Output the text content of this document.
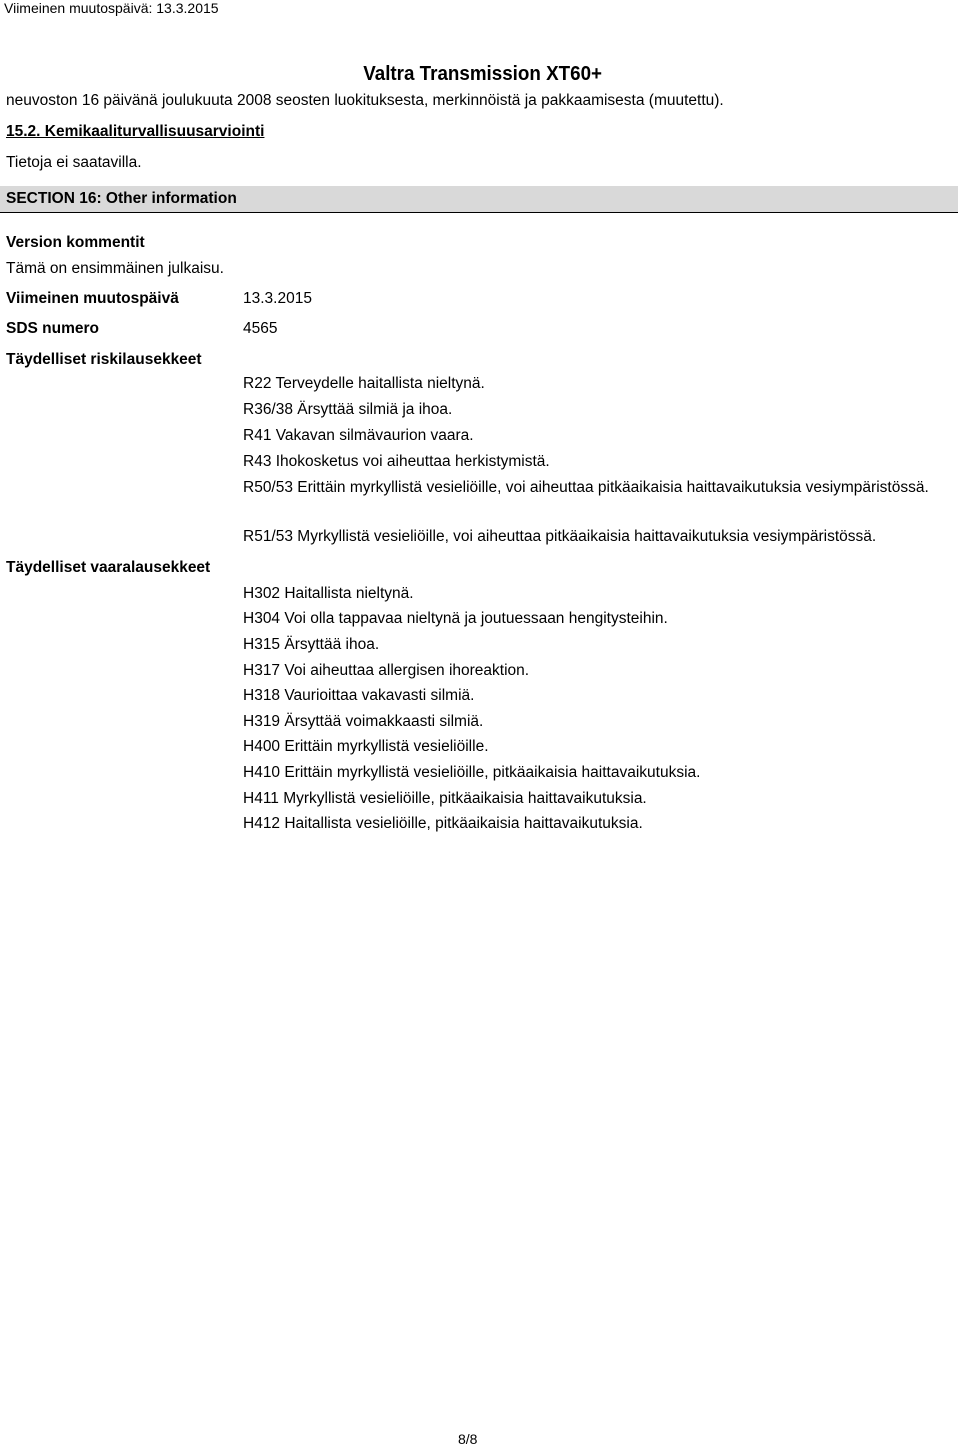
Viimeinen muutospäivä: 13.3.2015
Valtra Transmission XT60+
neuvoston 16 päivänä joulukuuta 2008 seosten luokituksesta, merkinnöistä ja pakkaamisesta (muutettu).
15.2. Kemikaaliturvallisuusarviointi
Tietoja ei saatavilla.
SECTION 16: Other information
Version kommentit
Tämä on ensimmäinen julkaisu.
Viimeinen muutospäivä	13.3.2015
SDS numero	4565
Täydelliset riskilausekkeet
R22 Terveydelle haitallista nieltynä.
R36/38 Ärsyttää silmiä ja ihoa.
R41 Vakavan silmävaurion vaara.
R43 Ihokosketus voi aiheuttaa herkistymistä.
R50/53 Erittäin myrkyllistä vesieliöille, voi aiheuttaa pitkäaikaisia haittavaikutuksia vesiympäristössä.
R51/53 Myrkyllistä vesieliöille, voi aiheuttaa pitkäaikaisia haittavaikutuksia vesiympäristössä.
Täydelliset vaaralausekkeet
H302 Haitallista nieltynä.
H304 Voi olla tappavaa nieltynä ja joutuessaan hengitysteihin.
H315 Ärsyttää ihoa.
H317 Voi aiheuttaa allergisen ihoreaktion.
H318 Vaurioittaa vakavasti silmiä.
H319 Ärsyttää voimakkaasti silmiä.
H400 Erittäin myrkyllistä vesieliöille.
H410 Erittäin myrkyllistä vesieliöille, pitkäaikaisia haittavaikutuksia.
H411 Myrkyllistä vesieliöille, pitkäaikaisia haittavaikutuksia.
H412 Haitallista vesieliöille, pitkäaikaisia haittavaikutuksia.
8/8
